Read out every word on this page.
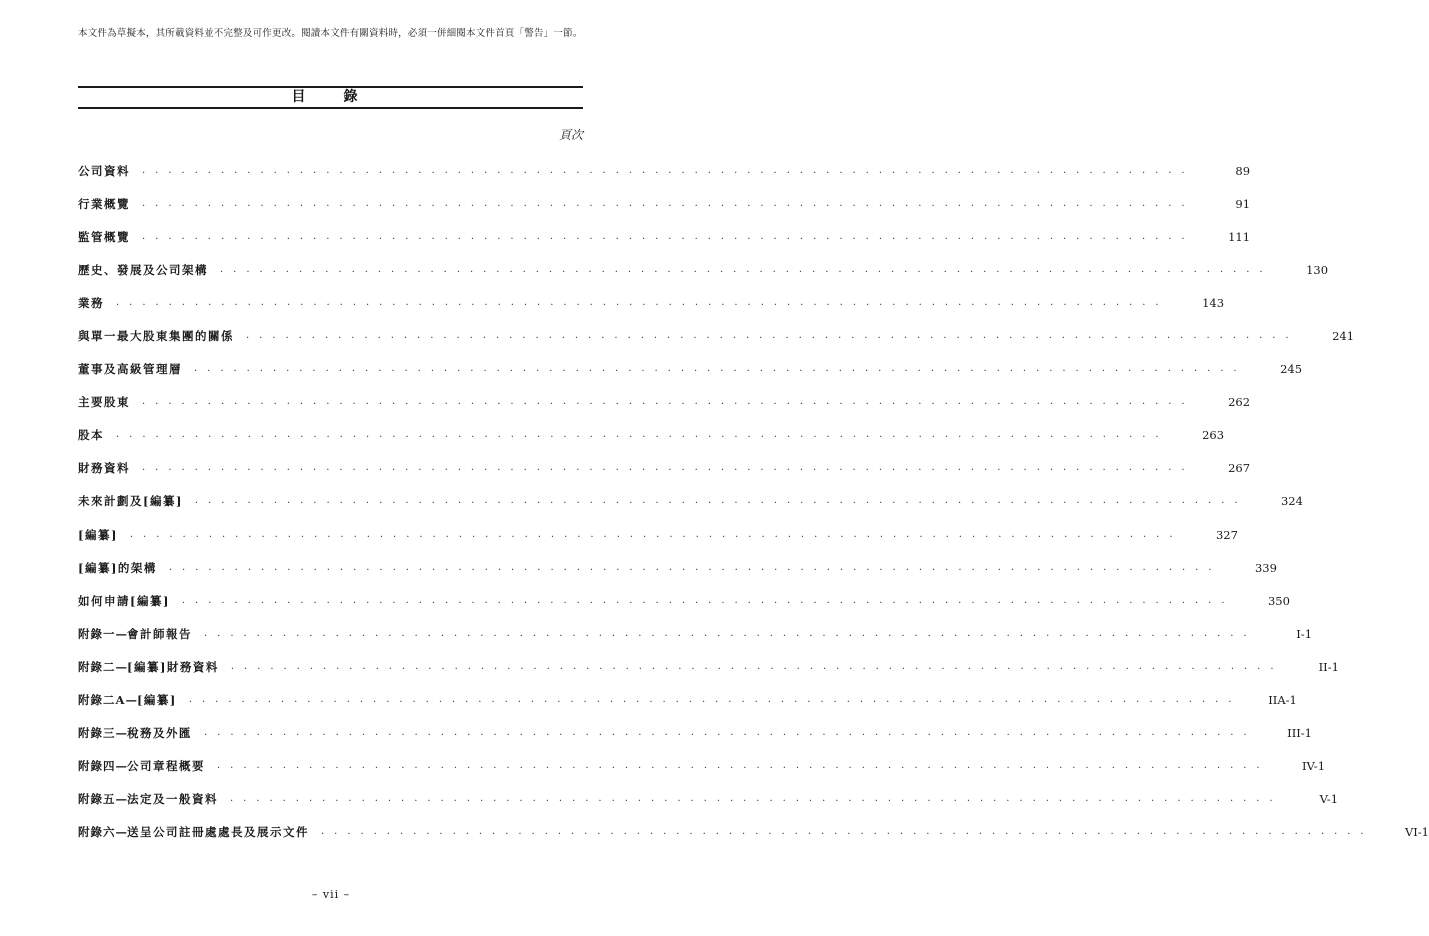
本文件為草擬本，其所載資料並不完整及可作更改。閱讀本文件有關資料時，必須一併細閱本文件首頁「警告」一節。
目　錄
頁次
公司資料 . . . . . . . . . . . . . . . . . . . . . . . . . . . . . . . . . . . . . . . . . . . . . . . . . . . . . . . . . . . . . . . . . . . . . . . . . . . . . . . .	89
行業概覽 . . . . . . . . . . . . . . . . . . . . . . . . . . . . . . . . . . . . . . . . . . . . . . . . . . . . . . . . . . . . . . . . . . . . . . . . . . . . . . . .	91
監管概覽 . . . . . . . . . . . . . . . . . . . . . . . . . . . . . . . . . . . . . . . . . . . . . . . . . . . . . . . . . . . . . . . . . . . . . . . . . . . . . . . .	111
歷史、發展及公司架構 . . . . . . . . . . . . . . . . . . . . . . . . . . . . . . . . . . . . . . . . . . . . . . . . . . . . . . . . . . . . . . . . . . . . . . . . . . . . . . . .	130
業務 . . . . . . . . . . . . . . . . . . . . . . . . . . . . . . . . . . . . . . . . . . . . . . . . . . . . . . . . . . . . . . . . . . . . . . . . . . . . . . . .	143
與單一最大股東集團的關係 . . . . . . . . . . . . . . . . . . . . . . . . . . . . . . . . . . . . . . . . . . . . . . . . . . . . . . . . . . . . . . . . . . . . . . . . . . . . . . . .	241
董事及高級管理層 . . . . . . . . . . . . . . . . . . . . . . . . . . . . . . . . . . . . . . . . . . . . . . . . . . . . . . . . . . . . . . . . . . . . . . . . . . . . . . . .	245
主要股東 . . . . . . . . . . . . . . . . . . . . . . . . . . . . . . . . . . . . . . . . . . . . . . . . . . . . . . . . . . . . . . . . . . . . . . . . . . . . . . . .	262
股本 . . . . . . . . . . . . . . . . . . . . . . . . . . . . . . . . . . . . . . . . . . . . . . . . . . . . . . . . . . . . . . . . . . . . . . . . . . . . . . . .	263
財務資料 . . . . . . . . . . . . . . . . . . . . . . . . . . . . . . . . . . . . . . . . . . . . . . . . . . . . . . . . . . . . . . . . . . . . . . . . . . . . . . . .	267
未來計劃及[編纂] . . . . . . . . . . . . . . . . . . . . . . . . . . . . . . . . . . . . . . . . . . . . . . . . . . . . . . . . . . . . . . . . . . . . . . . . . . . . . . . .	324
[編纂] . . . . . . . . . . . . . . . . . . . . . . . . . . . . . . . . . . . . . . . . . . . . . . . . . . . . . . . . . . . . . . . . . . . . . . . . . . . . . . . .	327
[編纂]的架構 . . . . . . . . . . . . . . . . . . . . . . . . . . . . . . . . . . . . . . . . . . . . . . . . . . . . . . . . . . . . . . . . . . . . . . . . . . . . . . . .	339
如何申請[編纂] . . . . . . . . . . . . . . . . . . . . . . . . . . . . . . . . . . . . . . . . . . . . . . . . . . . . . . . . . . . . . . . . . . . . . . . . . . . . . . . .	350
附錄一 — 會計師報告 . . . . . . . . . . . . . . . . . . . . . . . . . . . . . . . . . . . . . . . . . . . . . . . . . . . . . . . . . . . . . . . . . . . . . . . . . . . . . . . .	I-1
附錄二 — [編纂]財務資料 . . . . . . . . . . . . . . . . . . . . . . . . . . . . . . . . . . . . . . . . . . . . . . . . . . . . . . . . . . . . . . . . . . . . . . . . . . . . . . . .	II-1
附錄二A — [編纂] . . . . . . . . . . . . . . . . . . . . . . . . . . . . . . . . . . . . . . . . . . . . . . . . . . . . . . . . . . . . . . . . . . . . . . . . . . . . . . . .	IIA-1
附錄三 — 稅務及外匯 . . . . . . . . . . . . . . . . . . . . . . . . . . . . . . . . . . . . . . . . . . . . . . . . . . . . . . . . . . . . . . . . . . . . . . . . . . . . . . . .	III-1
附錄四 — 公司章程概要 . . . . . . . . . . . . . . . . . . . . . . . . . . . . . . . . . . . . . . . . . . . . . . . . . . . . . . . . . . . . . . . . . . . . . . . . . . . . . . . .	IV-1
附錄五 — 法定及一般資料 . . . . . . . . . . . . . . . . . . . . . . . . . . . . . . . . . . . . . . . . . . . . . . . . . . . . . . . . . . . . . . . . . . . . . . . . . . . . . . . .	V-1
附錄六 — 送呈公司註冊處處長及展示文件 . . . . . . . . . . . . . . . . . . . . . . . . . . . . . . . . . . . . . . . . . . . . . . . . . . . . . . . . . . . . . . . . . . . . . . . . . . . . . . . .	VI-1
– vii –
